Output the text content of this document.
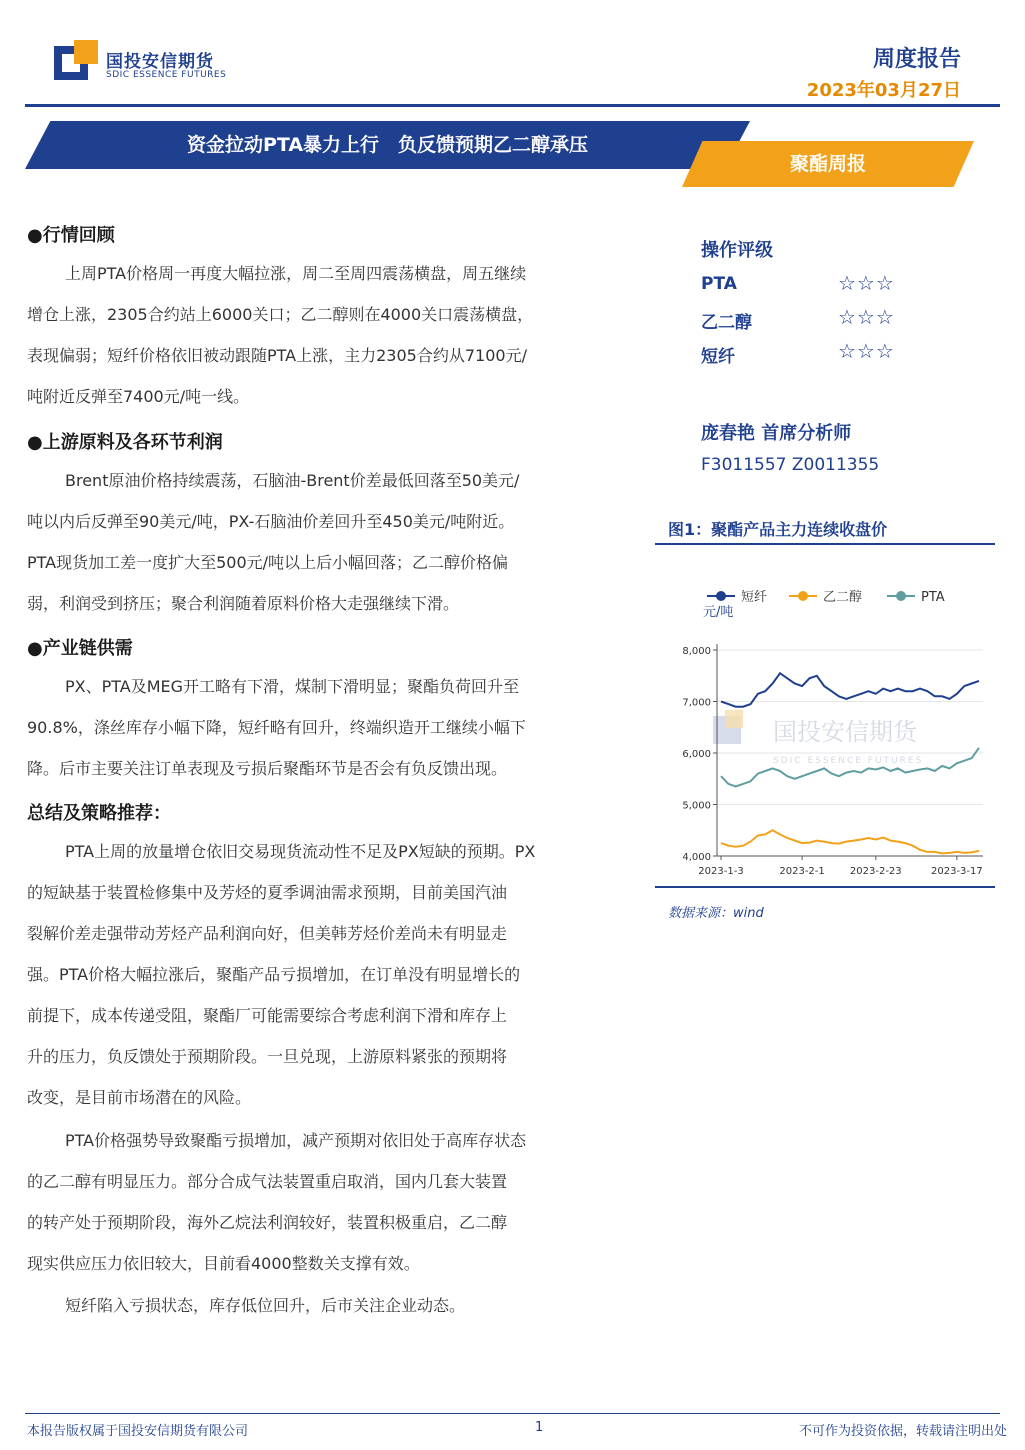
国投安信期货
SDIC ESSENCE FUTURES
周度报告
2023年03月27日
资金拉动PTA暴力上行　负反馈预期乙二醇承压
聚酯周报
●行情回顾
上周PTA价格周一再度大幅拉涨，周二至周四震荡横盘，周五继续
增仓上涨，2305合约站上6000关口；乙二醇则在4000关口震荡横盘，
表现偏弱；短纤价格依旧被动跟随PTA上涨，主力2305合约从7100元/
吨附近反弹至7400元/吨一线。
●上游原料及各环节利润
Brent原油价格持续震荡，石脑油-Brent价差最低回落至50美元/
吨以内后反弹至90美元/吨，PX-石脑油价差回升至450美元/吨附近。
PTA现货加工差一度扩大至500元/吨以上后小幅回落；乙二醇价格偏
弱，利润受到挤压；聚合利润随着原料价格大走强继续下滑。
●产业链供需
PX、PTA及MEG开工略有下滑，煤制下滑明显；聚酯负荷回升至
90.8%，涤丝库存小幅下降，短纤略有回升，终端织造开工继续小幅下
降。后市主要关注订单表现及亏损后聚酯环节是否会有负反馈出现。
总结及策略推荐：
PTA上周的放量增仓依旧交易现货流动性不足及PX短缺的预期。PX
的短缺基于装置检修集中及芳烃的夏季调油需求预期，目前美国汽油
裂解价差走强带动芳烃产品利润向好，但美韩芳烃价差尚未有明显走
强。PTA价格大幅拉涨后，聚酯产品亏损增加，在订单没有明显增长的
前提下，成本传递受阻，聚酯厂可能需要综合考虑利润下滑和库存上
升的压力，负反馈处于预期阶段。一旦兑现，上游原料紧张的预期将
改变，是目前市场潜在的风险。
PTA价格强势导致聚酯亏损增加，减产预期对依旧处于高库存状态
的乙二醇有明显压力。部分合成气法装置重启取消，国内几套大装置
的转产处于预期阶段，海外乙烷法利润较好，装置积极重启，乙二醇
现实供应压力依旧较大，目前看4000整数关支撑有效。
短纤陷入亏损状态，库存低位回升，后市关注企业动态。
操作评级
PTA	☆☆☆
乙二醇	☆☆☆
短纤	☆☆☆
庞春艳 首席分析师
F3011557 Z0011355
图1：聚酯产品主力连续收盘价
短纤	乙二醇	PTA
元/吨
国投安信期货
SDIC ESSENCE FUTURES
8,000
7,000
6,000
5,000
4,000
2023-1-3	2023-2-1	2023-2-23	2023-3-17
数据来源：wind
本报告版权属于国投安信期货有限公司	1	不可作为投资依据，转载请注明出处
